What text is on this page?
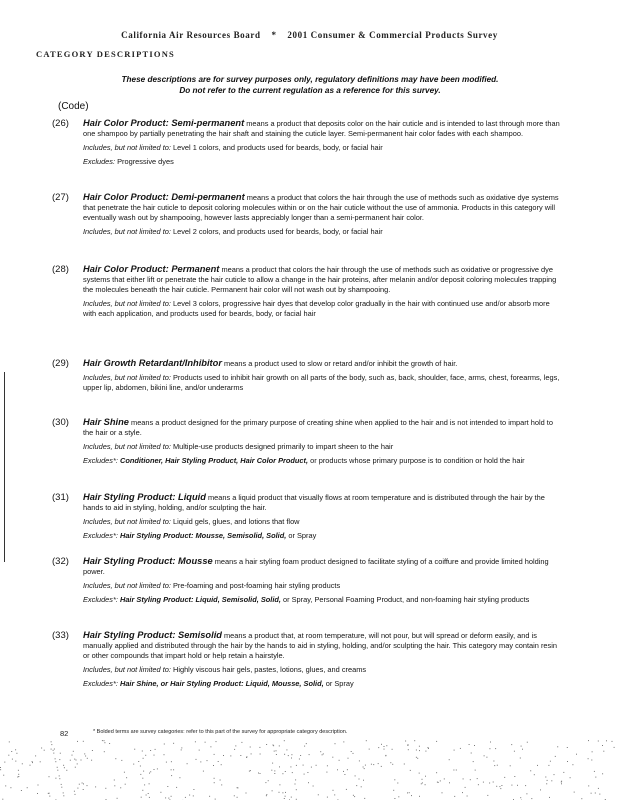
California Air Resources Board * 2001 Consumer & Commercial Products Survey
CATEGORY DESCRIPTIONS
These descriptions are for survey purposes only, regulatory definitions may have been modified.
Do not refer to the current regulation as a reference for this survey.
(Code)
(26) Hair Color Product: Semi-permanent means a product that deposits color on the hair cuticle and is intended to last through more than one shampoo by partially penetrating the hair shaft and staining the cuticle layer. Semi-permanent hair color fades with each shampoo.
Includes, but not limited to: Level 1 colors, and products used for beards, body, or facial hair
Excludes: Progressive dyes
(27) Hair Color Product: Demi-permanent means a product that colors the hair through the use of methods such as oxidative dye systems that penetrate the hair cuticle to deposit coloring molecules within or on the hair cuticle without the use of ammonia. Products in this category will eventually wash out by shampooing, however lasts appreciably longer than a semi-permanent hair color.
Includes, but not limited to: Level 2 colors, and products used for beards, body, or facial hair
(28) Hair Color Product: Permanent means a product that colors the hair through the use of methods such as oxidative or progressive dye systems that either lift or penetrate the hair cuticle to allow a change in the hair proteins, after melanin and/or deposit coloring molecules trapping the molecules beneath the hair cuticle. Permanent hair color will not wash out by shampooing.
Includes, but not limited to: Level 3 colors, progressive hair dyes that develop color gradually in the hair with continued use and/or absorb more with each application, and products used for beards, body, or facial hair
(29) Hair Growth Retardant/Inhibitor means a product used to slow or retard and/or inhibit the growth of hair.
Includes, but not limited to: Products used to inhibit hair growth on all parts of the body, such as, back, shoulder, face, arms, chest, forearms, legs, upper lip, abdomen, bikini line, and/or underarms
(30) Hair Shine means a product designed for the primary purpose of creating shine when applied to the hair and is not intended to impart hold to the hair or a style.
Includes, but not limited to: Multiple-use products designed primarily to impart sheen to the hair
Excludes*: Conditioner, Hair Styling Product, Hair Color Product, or products whose primary purpose is to condition or hold the hair
(31) Hair Styling Product: Liquid means a liquid product that visually flows at room temperature and is distributed through the hair by the hands to aid in styling, holding, and/or sculpting the hair.
Includes, but not limited to: Liquid gels, glues, and lotions that flow
Excludes*: Hair Styling Product: Mousse, Semisolid, Solid, or Spray
(32) Hair Styling Product: Mousse means a hair styling foam product designed to facilitate styling of a coiffure and provide limited holding power.
Includes, but not limited to: Pre-foaming and post-foaming hair styling products
Excludes*: Hair Styling Product: Liquid, Semisolid, Solid, or Spray, Personal Foaming Product, and non-foaming hair styling products
(33) Hair Styling Product: Semisolid means a product that, at room temperature, will not pour, but will spread or deform easily, and is manually applied and distributed through the hair by the hands to aid in styling, holding, and/or sculpting the hair. This category may contain resin or other compounds that impart hold or help retain a hairstyle.
Includes, but not limited to: Highly viscous hair gels, pastes, lotions, glues, and creams
Excludes*: Hair Shine, or Hair Styling Product: Liquid, Mousse, Solid, or Spray
82	* Bolded terms are survey categories: refer to this part of the survey for appropriate category description.
